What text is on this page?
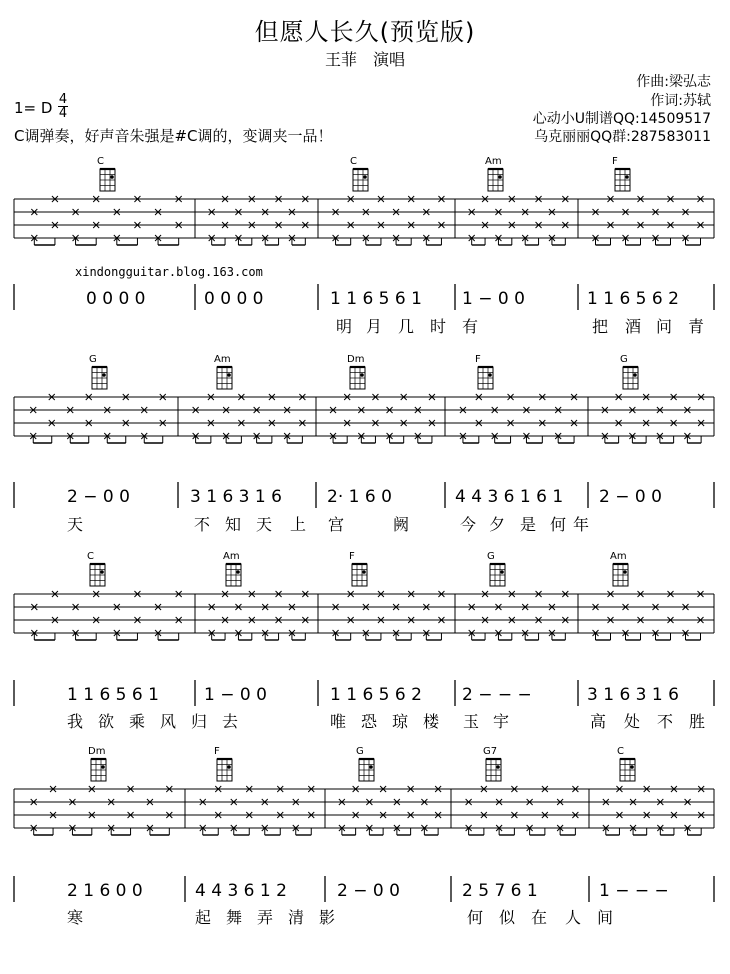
但愿人长久(预览版)
王菲　演唱
作曲:梁弘志
作词:苏轼
心动小U制谱QQ:14509517
乌克丽丽QQ群:287583011
1= D 4
4
C调弹奏，好声音朱强是#C调的，变调夹一品！
xindongguitar.blog.163.com
C	C	Am	F
0 0 0 0	0 0 0 0	1 1 6 5 6 1 1 − 0 0	1 1 6 5 6 2
明 月 几 时 有	把 酒 问 青
G	Am	Dm	F	G
2 − 0 0	3 1 6 3 1 6	2· 1 6 0	4 4 3 6 1 6 1 2 − 0 0
天	不 知 天 上 宫	阙	今 夕 是 何 年
C	Am	F	G	Am
1 1 6 5 6 1	1 − 0 0	1 1 6 5 6 2 2 − − −	3 1 6 3 1 6
我 欲 乘 风 归 去	唯 恐 琼 楼 玉 宇	高 处 不 胜
Dm	F	G	G7	C
2 1 6 0 0	4 4 3 6 1 2	2 − 0 0	2 5 7 6 1	1 − − −
寒	起 舞 弄 清 影	何 似 在 人 间
